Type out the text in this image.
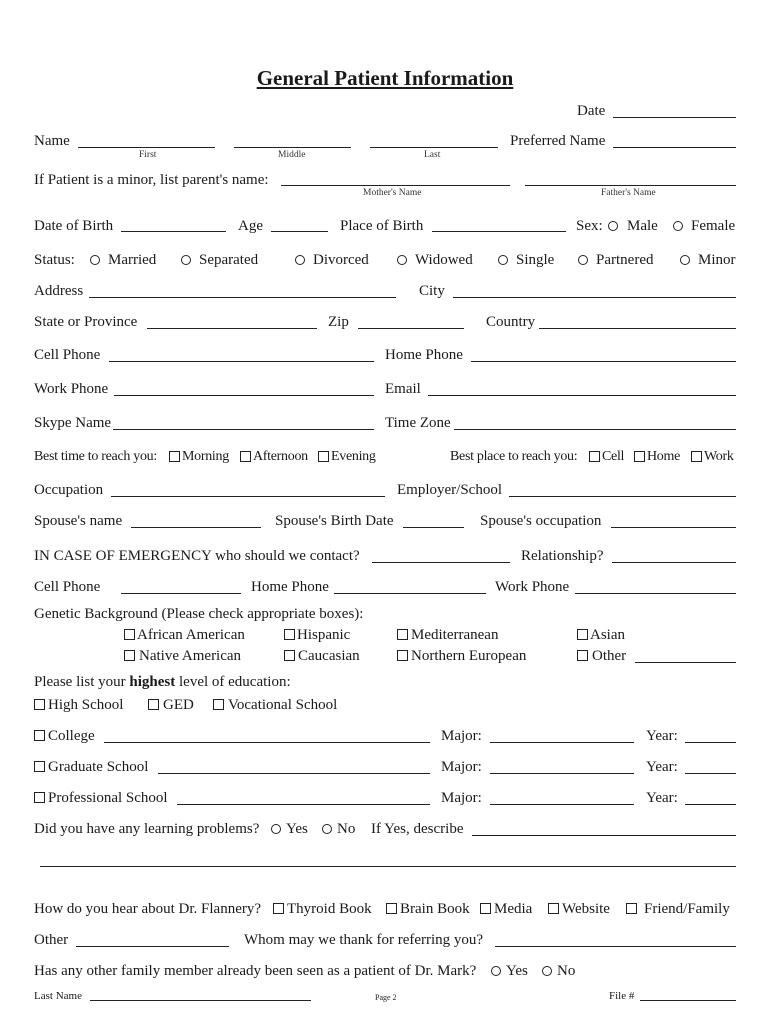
General Patient Information
Date
Name	Preferred Name
First	Middle	Last
If Patient is a minor, list parent's name:
Mother's Name	Father's Name
Date of Birth	Age	Place of Birth	Sex: Male Female
Status: Married	Separated	Divorced	Widowed	Single	Partnered	Minor
Address	City
State or Province	Zip	Country
Cell Phone	Home Phone
Work Phone	Email
Skype Name	Time Zone
Best time to reach you: Morning Afternoon Evening	Best place to reach you: Cell Home Work
Occupation	Employer/School
Spouse's name	Spouse's Birth Date	Spouse's occupation
IN CASE OF EMERGENCY who should we contact?	Relationship?
Cell Phone	Home Phone	Work Phone
Genetic Background (Please check appropriate boxes):
African American	Hispanic	Mediterranean	Asian
Native American	Caucasian	Northern European	Other
Please list your highest level of education:
High School	GED Vocational School
College	Major:	Year:
Graduate School	Major:	Year:
Professional School	Major:	Year:
Did you have any learning problems? Yes No If Yes, describe
How do you hear about Dr. Flannery? Thyroid Book Brain Book Media Website Friend/Family
Other	Whom may we thank for referring you?
Has any other family member already been seen as a patient of Dr. Mark? Yes No
Last Name	Page 2	File #
